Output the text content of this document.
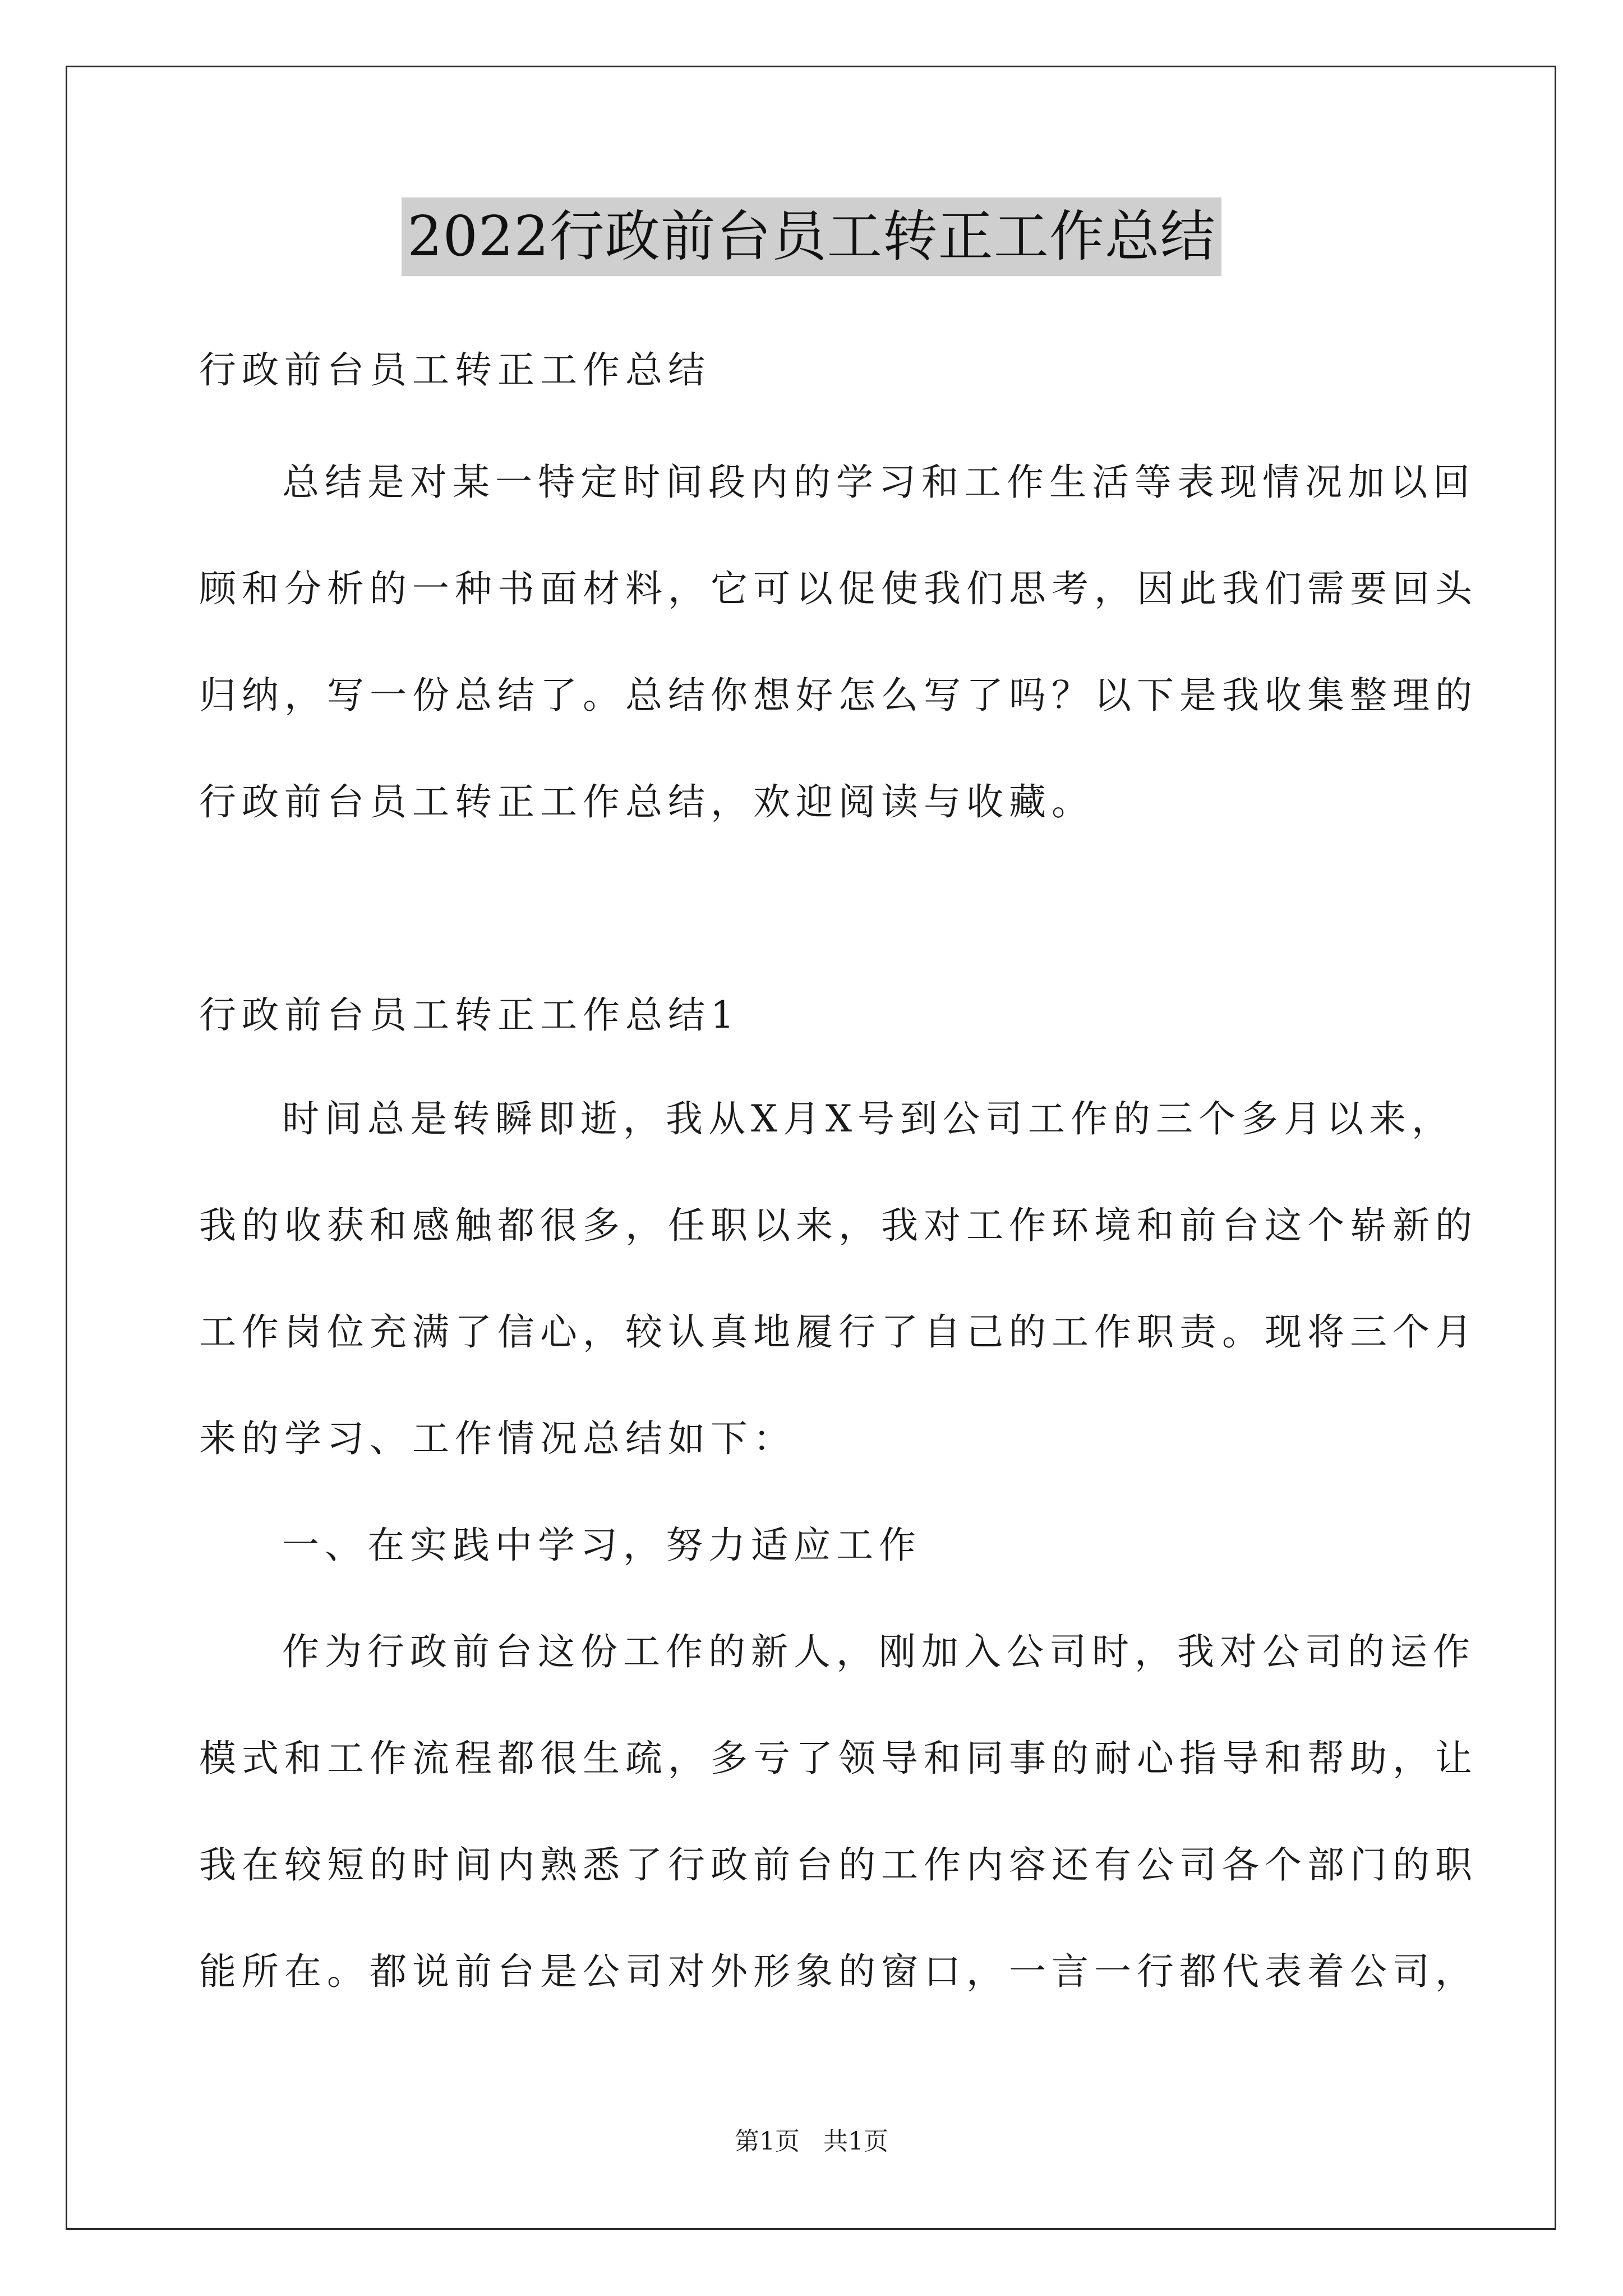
2022行政前台员工转正工作总结
行政前台员工转正工作总结
总结是对某一特定时间段内的学习和工作生活等表现情况加以回
顾和分析的一种书面材料，它可以促使我们思考，因此我们需要回头
归纳，写一份总结了。总结你想好怎么写了吗？以下是我收集整理的
行政前台员工转正工作总结，欢迎阅读与收藏。
行政前台员工转正工作总结1
时间总是转瞬即逝，我从X月X号到公司工作的三个多月以来，
我的收获和感触都很多，任职以来，我对工作环境和前台这个崭新的
工作岗位充满了信心，较认真地履行了自己的工作职责。现将三个月
来的学习、工作情况总结如下：
一、在实践中学习，努力适应工作
作为行政前台这份工作的新人，刚加入公司时，我对公司的运作
模式和工作流程都很生疏，多亏了领导和同事的耐心指导和帮助，让
我在较短的时间内熟悉了行政前台的工作内容还有公司各个部门的职
能所在。都说前台是公司对外形象的窗口，一言一行都代表着公司，
第1页 共1页
